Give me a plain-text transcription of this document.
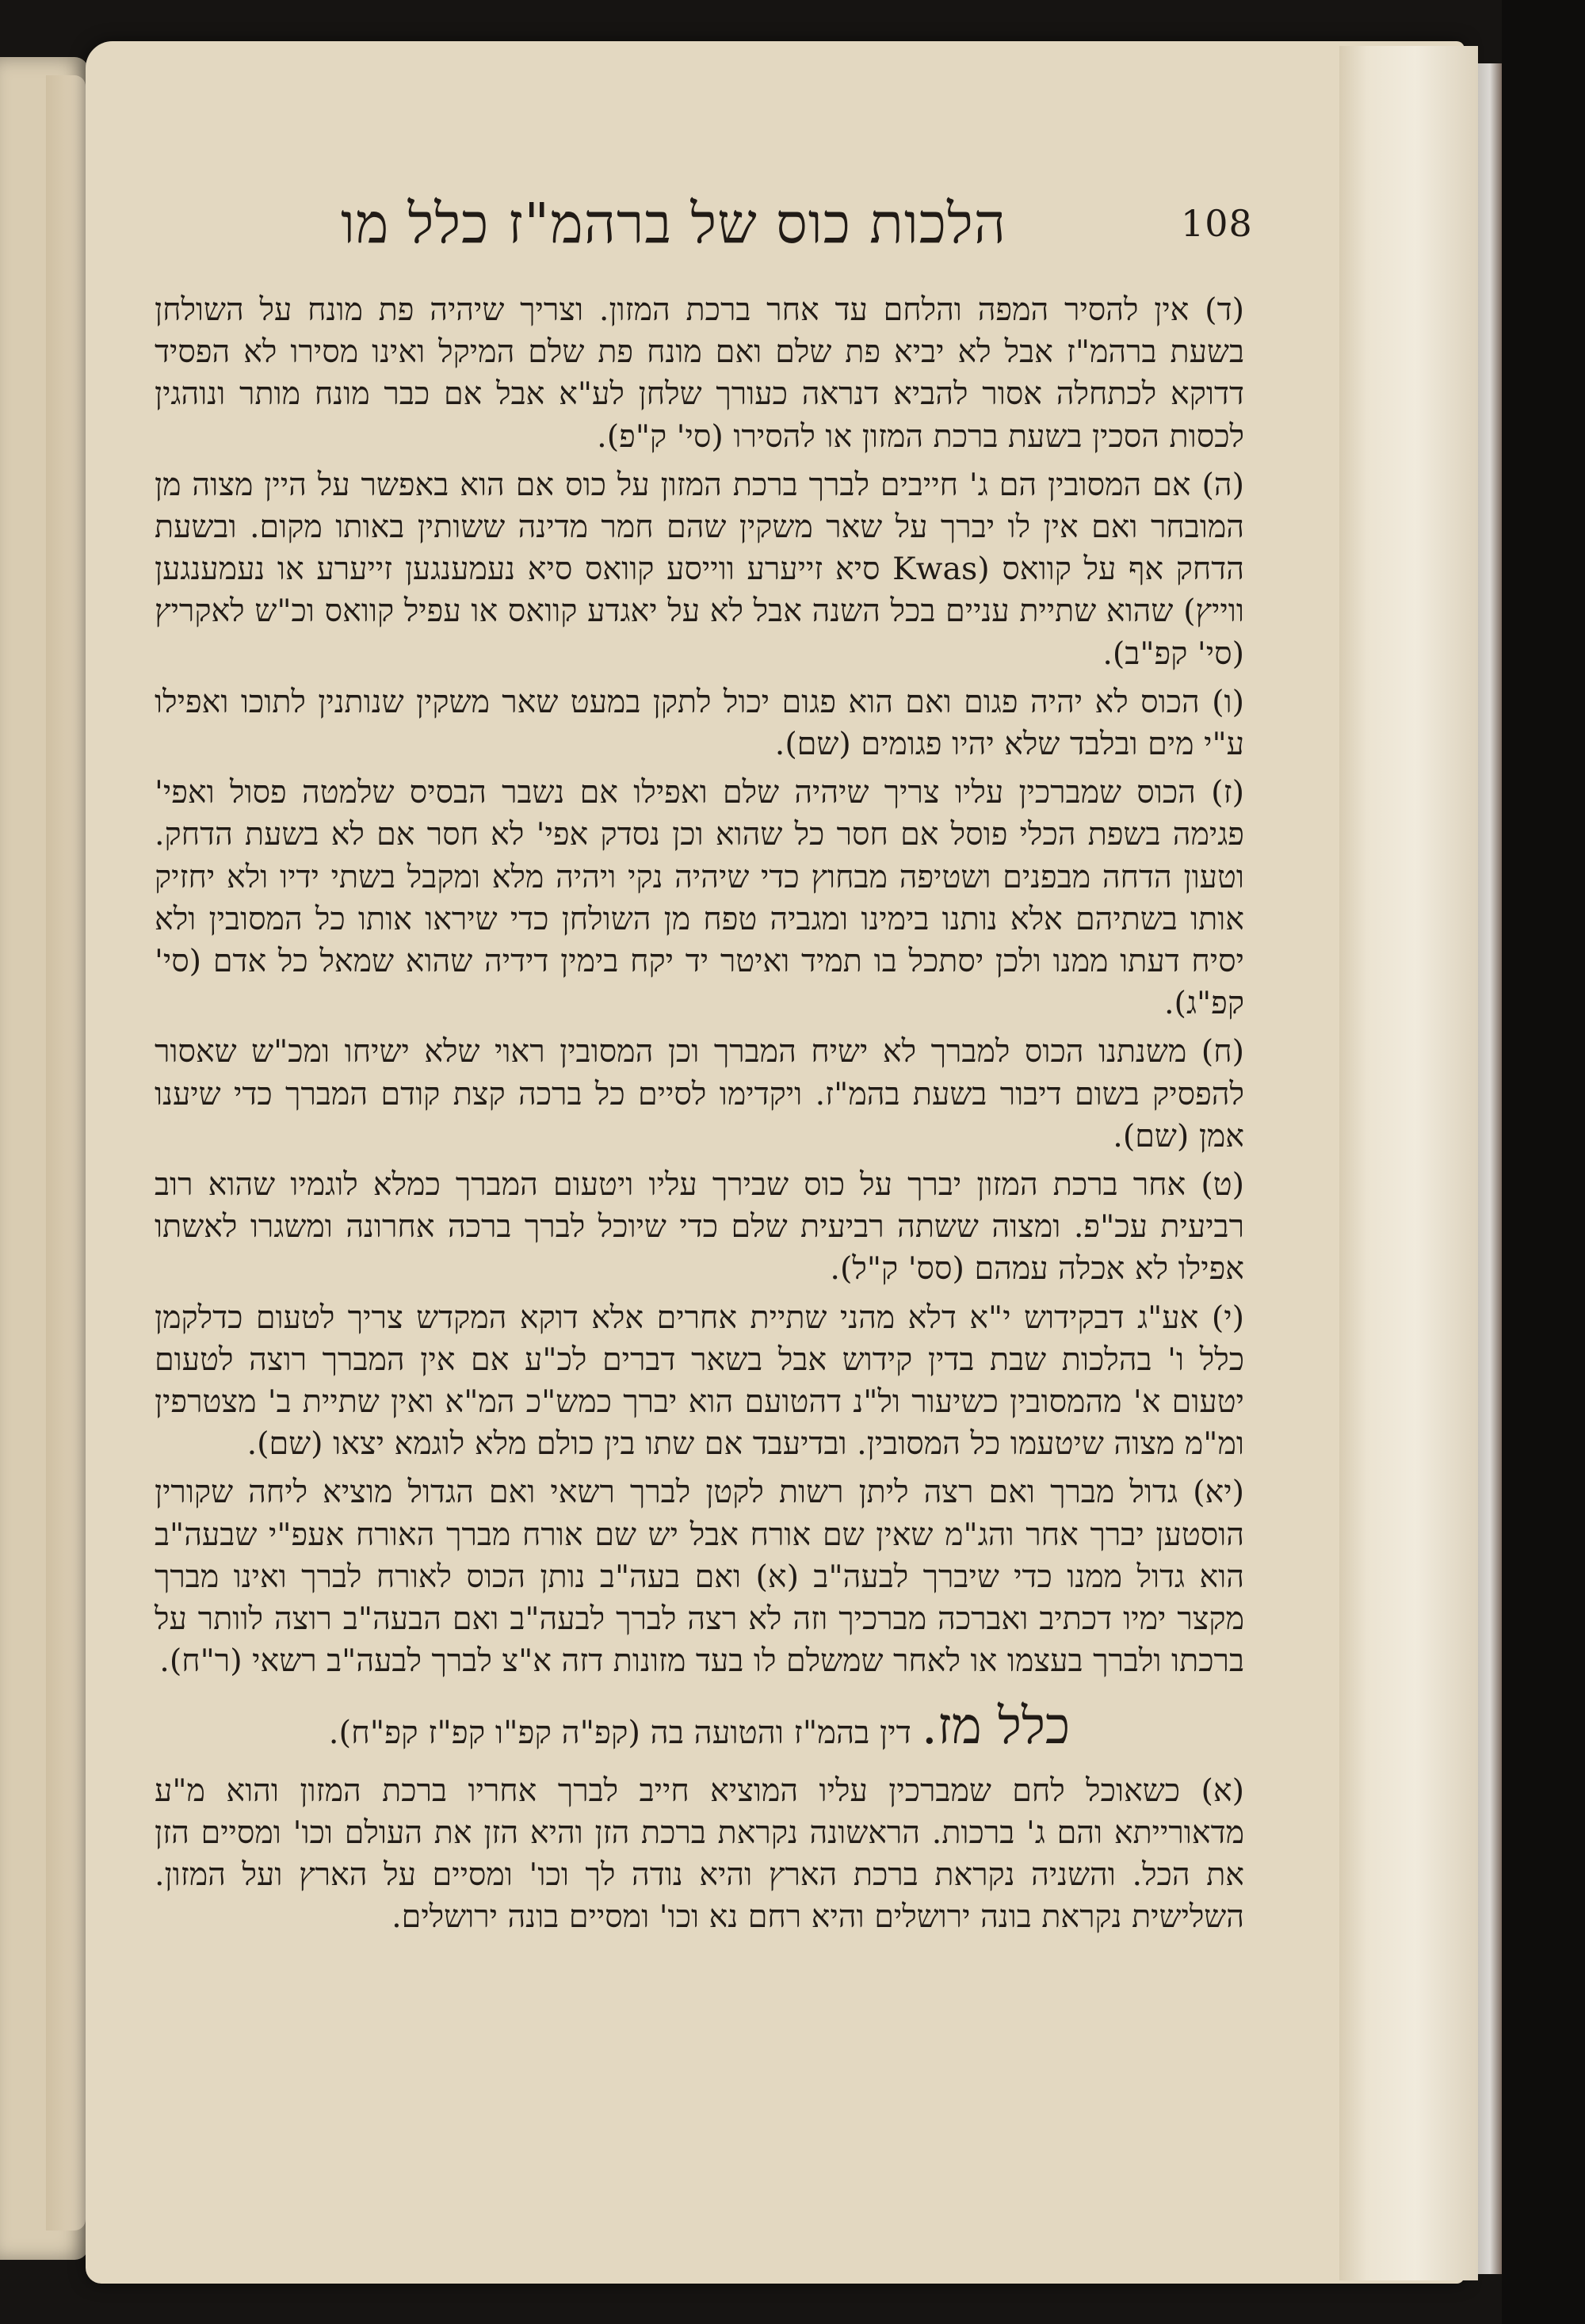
108
הלכות כוס של ברהמ"ז כלל מו

(ד) אין להסיר המפה והלחם עד אחר ברכת המזון. וצריך שיהיה פת מונח על השולחן בשעת ברהמ"ז אבל לא יביא פת שלם ואם מונח פת שלם המיקל ואינו מסירו לא הפסיד דדוקא לכתחלה אסור להביא דנראה כעורך שלחן לע"א אבל אם כבר מונח מותר ונוהגין לכסות הסכין בשעת ברכת המזון או להסירו (סי' ק"פ).

(ה) אם המסובין הם ג' חייבים לברך ברכת המזון על כוס אם הוא באפשר על היין מצוה מן המובחר ואם אין לו יברך על שאר משקין שהם חמר מדינה ששותין באותו מקום. ובשעת הדחק אף על קוואס (Kwas סיא זייערע ווייסע קוואס סיא נעמענגען זייערע או נעמענגען ווייץ) שהוא שתיית עניים בכל השנה אבל לא על יאגדע קוואס או עפיל קוואס וכ"ש לאקריץ (סי' קפ"ב).

(ו) הכוס לא יהיה פגום ואם הוא פגום יכול לתקן במעט שאר משקין שנותנין לתוכו ואפילו ע"י מים ובלבד שלא יהיו פגומים (שם).

(ז) הכוס שמברכין עליו צריך שיהיה שלם ואפילו אם נשבר הבסיס שלמטה פסול ואפי' פגימה בשפת הכלי פוסל אם חסר כל שהוא וכן נסדק אפי' לא חסר אם לא בשעת הדחק. וטעון הדחה מבפנים ושטיפה מבחוץ כדי שיהיה נקי ויהיה מלא ומקבל בשתי ידיו ולא יחזיק אותו בשתיהם אלא נותנו בימינו ומגביה טפח מן השולחן כדי שיראו אותו כל המסובין ולא יסיח דעתו ממנו ולכן יסתכל בו תמיד ואיטר יד יקח בימין דידיה שהוא שמאל כל אדם (סי' קפ"ג).

(ח) משנתנו הכוס למברך לא ישיח המברך וכן המסובין ראוי שלא ישיחו ומכ"ש שאסור להפסיק בשום דיבור בשעת בהמ"ז. ויקדימו לסיים כל ברכה קצת קודם המברך כדי שיענו אמן (שם).

(ט) אחר ברכת המזון יברך על כוס שבירך עליו ויטעום המברך כמלא לוגמיו שהוא רוב רביעית עכ"פ. ומצוה ששתה רביעית שלם כדי שיוכל לברך ברכה אחרונה ומשגרו לאשתו אפילו לא אכלה עמהם (סס' ק"ל).

(י) אע"ג דבקידוש י"א דלא מהני שתיית אחרים אלא דוקא המקדש צריך לטעום כדלקמן כלל ו' בהלכות שבת בדין קידוש אבל בשאר דברים לכ"ע אם אין המברך רוצה לטעום יטעום א' מהמסובין כשיעור ול"נ דהטועם הוא יברך כמש"כ המ"א ואין שתיית ב' מצטרפין ומ"מ מצוה שיטעמו כל המסובין. ובדיעבד אם שתו בין כולם מלא לוגמא יצאו (שם).

(יא) גדול מברך ואם רצה ליתן רשות לקטן לברך רשאי ואם הגדול מוציא ליחה שקורין הוסטען יברך אחר והג"מ שאין שם אורח אבל יש שם אורח מברך האורח אעפ"י שבעה"ב הוא גדול ממנו כדי שיברך לבעה"ב (א) ואם בעה"ב נותן הכוס לאורח לברך ואינו מברך מקצר ימיו דכתיב ואברכה מברכיך וזה לא רצה לברך לבעה"ב ואם הבעה"ב רוצה לוותר על ברכתו ולברך בעצמו או לאחר שמשלם לו בעד מזונות דזה א"צ לברך לבעה"ב רשאי (ר"ח).

כלל מז. דין בהמ"ז והטועה בה (קפ"ה קפ"ו קפ"ז קפ"ח).

(א) כשאוכל לחם שמברכין עליו המוציא חייב לברך אחריו ברכת המזון והוא מ"ע מדאורייתא והם ג' ברכות. הראשונה נקראת ברכת הזן והיא הזן את העולם וכו' ומסיים הזן את הכל. והשניה נקראת ברכת הארץ והיא נודה לך וכו' ומסיים על הארץ ועל המזון. השלישית נקראת בונה ירושלים והיא רחם נא וכו' ומסיים בונה ירושלים.
